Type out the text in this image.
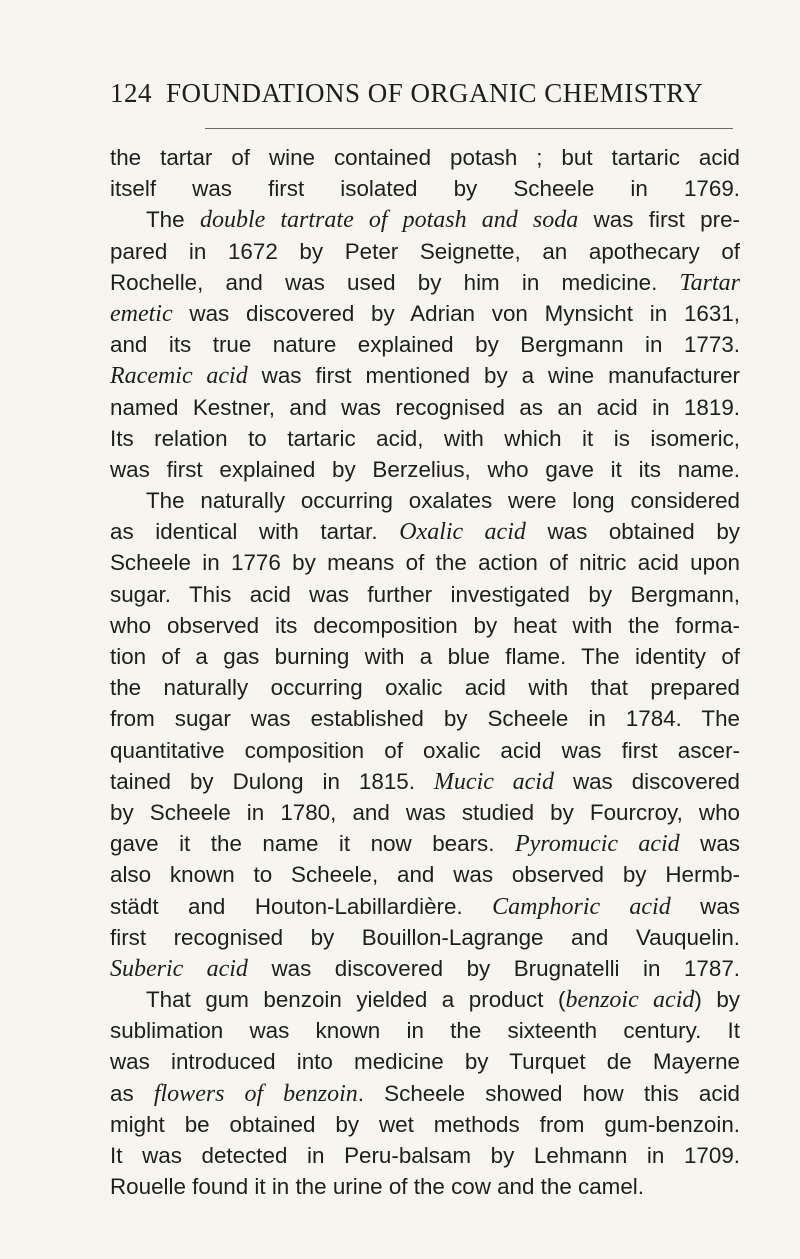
124 FOUNDATIONS OF ORGANIC CHEMISTRY
the tartar of wine contained potash ; but tartaric acid
itself was first isolated by Scheele in 1769.
The double tartrate of potash and soda was first pre-
pared in 1672 by Peter Seignette, an apothecary of
Rochelle, and was used by him in medicine. Tartar
emetic was discovered by Adrian von Mynsicht in 1631,
and its true nature explained by Bergmann in 1773.
Racemic acid was first mentioned by a wine manufacturer
named Kestner, and was recognised as an acid in 1819.
Its relation to tartaric acid, with which it is isomeric,
was first explained by Berzelius, who gave it its name.
The naturally occurring oxalates were long considered
as identical with tartar. Oxalic acid was obtained by
Scheele in 1776 by means of the action of nitric acid upon
sugar. This acid was further investigated by Bergmann,
who observed its decomposition by heat with the forma-
tion of a gas burning with a blue flame. The identity of
the naturally occurring oxalic acid with that prepared
from sugar was established by Scheele in 1784. The
quantitative composition of oxalic acid was first ascer-
tained by Dulong in 1815. Mucic acid was discovered
by Scheele in 1780, and was studied by Fourcroy, who
gave it the name it now bears. Pyromucic acid was
also known to Scheele, and was observed by Hermb-
städt and Houton-Labillardière. Camphoric acid was
first recognised by Bouillon-Lagrange and Vauquelin.
Suberic acid was discovered by Brugnatelli in 1787.
That gum benzoin yielded a product (benzoic acid) by
sublimation was known in the sixteenth century. It
was introduced into medicine by Turquet de Mayerne
as flowers of benzoin. Scheele showed how this acid
might be obtained by wet methods from gum-benzoin.
It was detected in Peru-balsam by Lehmann in 1709.
Rouelle found it in the urine of the cow and the camel.
